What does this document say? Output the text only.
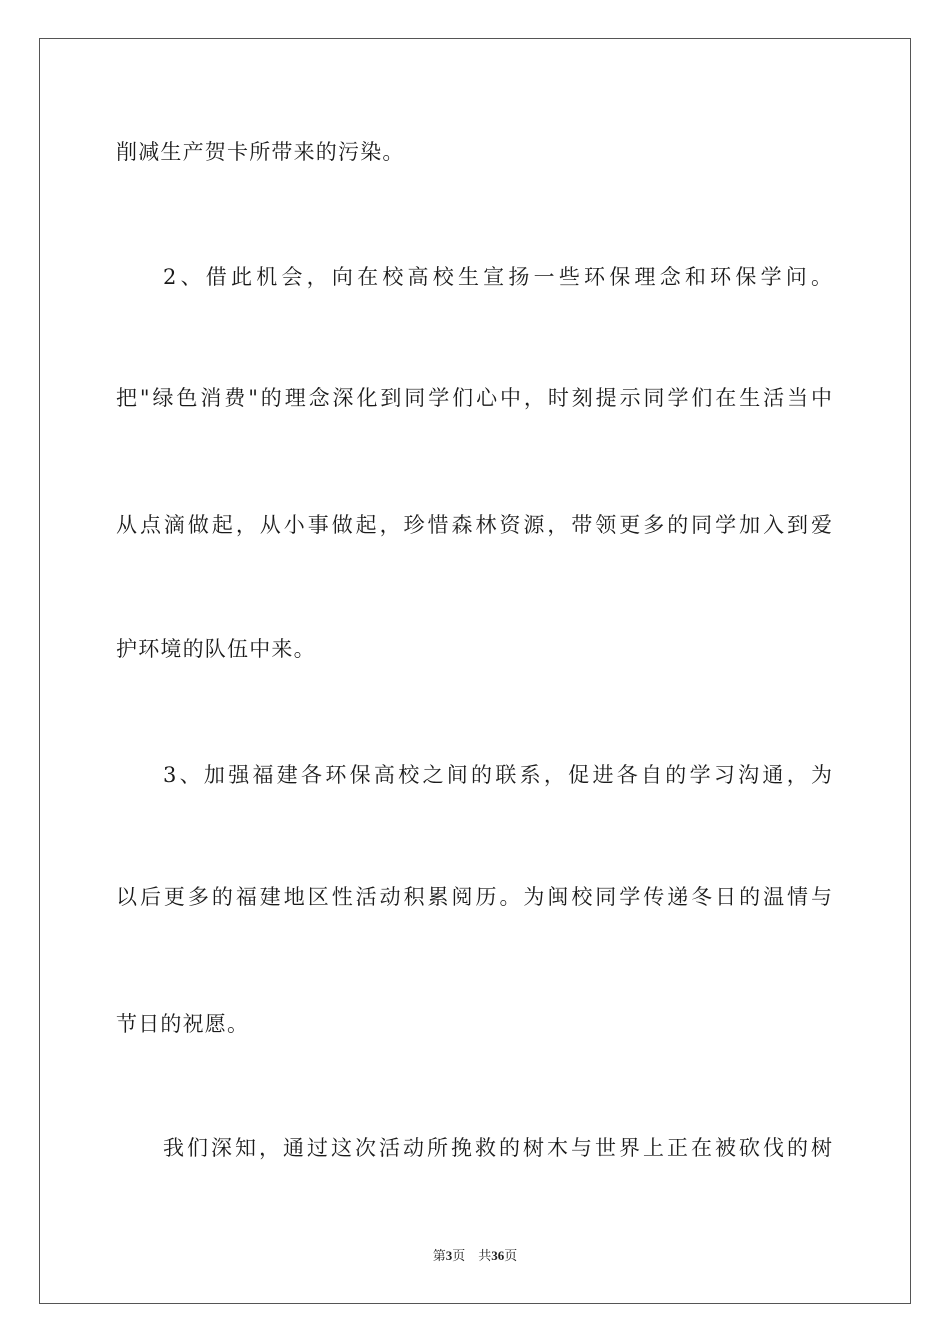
削减生产贺卡所带来的污染。
2、借此机会，向在校高校生宣扬一些环保理念和环保学问。
把"绿色消费"的理念深化到同学们心中，时刻提示同学们在生活当中
从点滴做起，从小事做起，珍惜森林资源，带领更多的同学加入到爱
护环境的队伍中来。
3、加强福建各环保高校之间的联系，促进各自的学习沟通，为
以后更多的福建地区性活动积累阅历。为闽校同学传递冬日的温情与
节日的祝愿。
我们深知，通过这次活动所挽救的树木与世界上正在被砍伐的树
第3页　共36页
